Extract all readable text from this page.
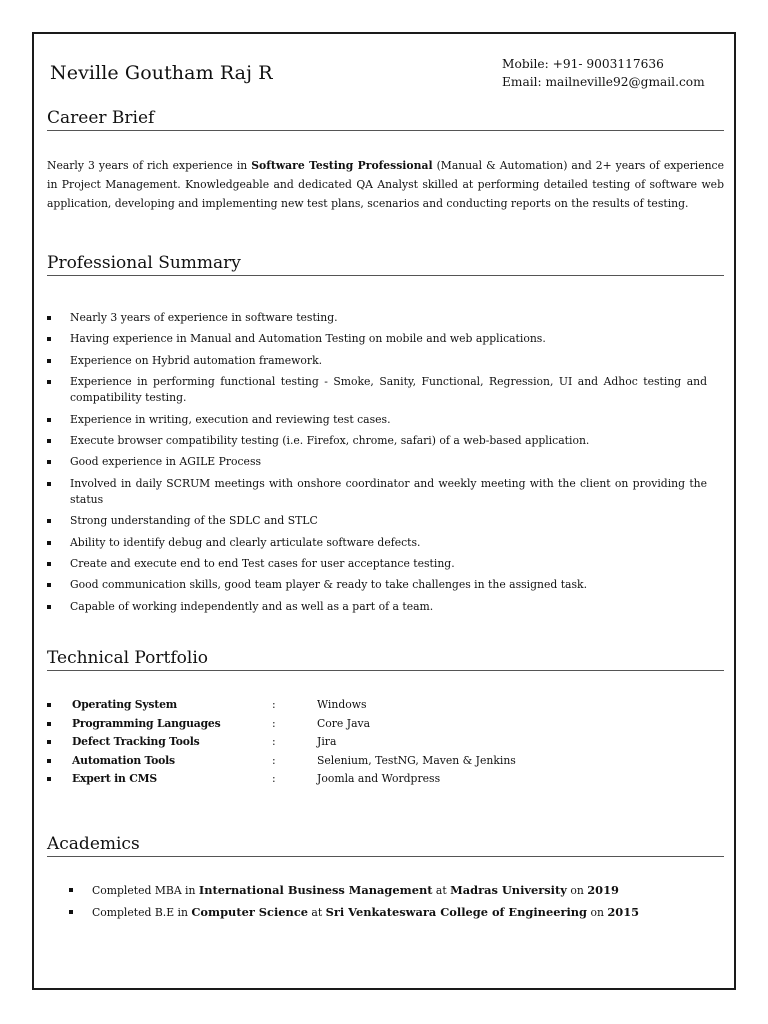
Neville Goutham Raj R	Mobile: +91- 9003117636
Email: mailneville92@gmail.com
Career Brief
Nearly 3 years of rich experience in Software Testing Professional (Manual & Automation) and 2+ years of experience in Project Management. Knowledgeable and dedicated QA Analyst skilled at performing detailed testing of software web application, developing and implementing new test plans, scenarios and conducting reports on the results of testing.
Professional Summary
Nearly 3 years of experience in software testing.
Having experience in Manual and Automation Testing on mobile and web applications.
Experience on Hybrid automation framework.
Experience in performing functional testing - Smoke, Sanity, Functional, Regression, UI and Adhoc testing and compatibility testing.
Experience in writing, execution and reviewing test cases.
Execute browser compatibility testing (i.e. Firefox, chrome, safari) of a web-based application.
Good experience in AGILE Process
Involved in daily SCRUM meetings with onshore coordinator and weekly meeting with the client on providing the status
Strong understanding of the SDLC and STLC
Ability to identify debug and clearly articulate software defects.
Create and execute end to end Test cases for user acceptance testing.
Good communication skills, good team player & ready to take challenges in the assigned task.
Capable of working independently and as well as a part of a team.
Technical Portfolio
Operating System	:	Windows
Programming Languages	:	Core Java
Defect Tracking Tools	:	Jira
Automation Tools	:	Selenium, TestNG, Maven & Jenkins
Expert in CMS	:	Joomla and Wordpress
Academics
Completed MBA in International Business Management at Madras University on 2019
Completed B.E in Computer Science at Sri Venkateswara College of Engineering on 2015
